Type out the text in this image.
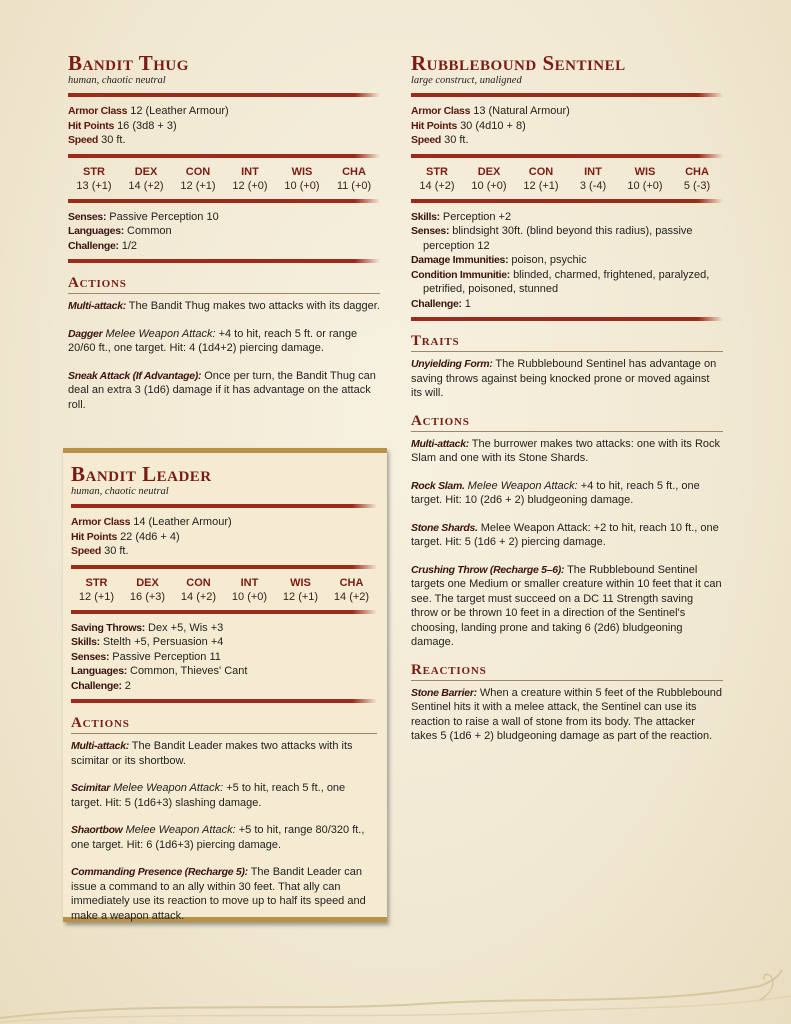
Bandit Thug
human, chaotic neutral
Armor Class 12 (Leather Armour)
Hit Points 16 (3d8 + 3)
Speed 30 ft.
STR	DEX	CON	INT	WIS	CHA
13 (+1)	14 (+2)	12 (+1)	12 (+0)	10 (+0)	11 (+0)
Senses: Passive Perception 10
Languages: Common
Challenge: 1/2
Actions
Multi-attack: The Bandit Thug makes two attacks with its dagger.
Dagger Melee Weapon Attack: +4 to hit, reach 5 ft. or range 20/60 ft., one target. Hit: 4 (1d4+2) piercing damage.
Sneak Attack (If Advantage): Once per turn, the Bandit Thug can deal an extra 3 (1d6) damage if it has advantage on the attack roll.
Bandit Leader
human, chaotic neutral
Armor Class 14 (Leather Armour)
Hit Points 22 (4d6 + 4)
Speed 30 ft.
STR	DEX	CON	INT	WIS	CHA
12 (+1)	16 (+3)	14 (+2)	10 (+0)	12 (+1)	14 (+2)
Saving Throws: Dex +5, Wis +3
Skills: Stelth +5, Persuasion +4
Senses: Passive Perception 11
Languages: Common, Thieves' Cant
Challenge: 2
Actions
Multi-attack: The Bandit Leader makes two attacks with its scimitar or its shortbow.
Scimitar Melee Weapon Attack: +5 to hit, reach 5 ft., one target. Hit: 5 (1d6+3) slashing damage.
Shaortbow Melee Weapon Attack: +5 to hit, range 80/320 ft., one target. Hit: 6 (1d6+3) piercing damage.
Commanding Presence (Recharge 5): The Bandit Leader can issue a command to an ally within 30 feet. That ally can immediately use its reaction to move up to half its speed and make a weapon attack.
Rubblebound Sentinel
large construct, unaligned
Armor Class 13 (Natural Armour)
Hit Points 30 (4d10 + 8)
Speed 30 ft.
STR	DEX	CON	INT	WIS	CHA
14 (+2)	10 (+0)	12 (+1)	3 (-4)	10 (+0)	5 (-3)
Skills: Perception +2
Senses: blindsight 30ft. (blind beyond this radius), passive perception 12
Damage Immunities: poison, psychic
Condition Immunitie: blinded, charmed, frightened, paralyzed, petrified, poisoned, stunned
Challenge: 1
Traits
Unyielding Form: The Rubblebound Sentinel has advantage on saving throws against being knocked prone or moved against its will.
Actions
Multi-attack: The burrower makes two attacks: one with its Rock Slam and one with its Stone Shards.
Rock Slam. Melee Weapon Attack: +4 to hit, reach 5 ft., one target. Hit: 10 (2d6 + 2) bludgeoning damage.
Stone Shards. Melee Weapon Attack: +2 to hit, reach 10 ft., one target. Hit: 5 (1d6 + 2) piercing damage.
Crushing Throw (Recharge 5–6): The Rubblebound Sentinel targets one Medium or smaller creature within 10 feet that it can see. The target must succeed on a DC 11 Strength saving throw or be thrown 10 feet in a direction of the Sentinel's choosing, landing prone and taking 6 (2d6) bludgeoning damage.
Reactions
Stone Barrier: When a creature within 5 feet of the Rubblebound Sentinel hits it with a melee attack, the Sentinel can use its reaction to raise a wall of stone from its body. The attacker takes 5 (1d6 + 2) bludgeoning damage as part of the reaction.
